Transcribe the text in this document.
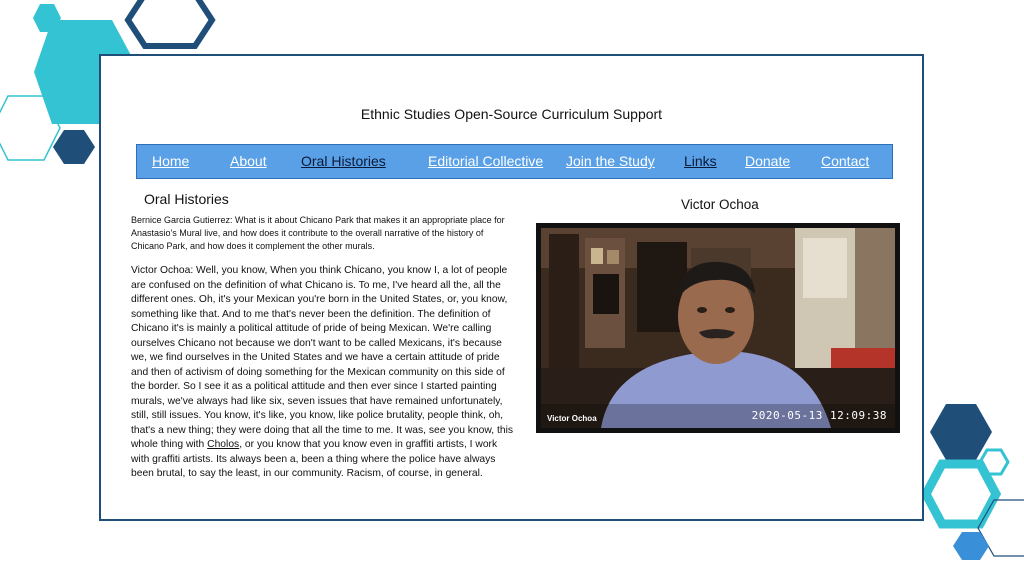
Ethnic Studies Open-Source Curriculum Support
Home	About Oral Histories	Editorial Collective Join the Study Links Donate Contact
Oral Histories
Bernice Garcia Gutierrez: What is it about Chicano Park that makes it an appropriate place for Anastasio's Mural live, and how does it contribute to the overall narrative of the history of Chicano Park, and how does it complement the other murals.
Victor Ochoa: Well, you know, When you think Chicano, you know I, a lot of people are confused on the definition of what Chicano is. To me, I've heard all the, all the different ones. Oh, it's your Mexican you're born in the United States, or, you know, something like that. And to me that's never been the definition. The definition of Chicano it's is mainly a political attitude of pride of being Mexican. We're calling ourselves Chicano not because we don't want to be called Mexicans, it's because we, we find ourselves in the United States and we have a certain attitude of pride and then of activism of doing something for the Mexican community on this side of the border. So I see it as a political attitude and then ever since I started painting murals, we've always had like six, seven issues that have remained unfortunately, still, still issues. You know, it's like, you know, like police brutality, people think, oh, that's a new thing; they were doing that all the time to me. It was, see you know, this whole thing with Cholos, or you know that you know even in graffiti artists, I work with graffiti artists. Its always been a, been a thing where the police have always been brutal, to say the least, in our community. Racism, of course, in general.
Victor Ochoa
Victor Ochoa	2020-05-13 12:09:38
